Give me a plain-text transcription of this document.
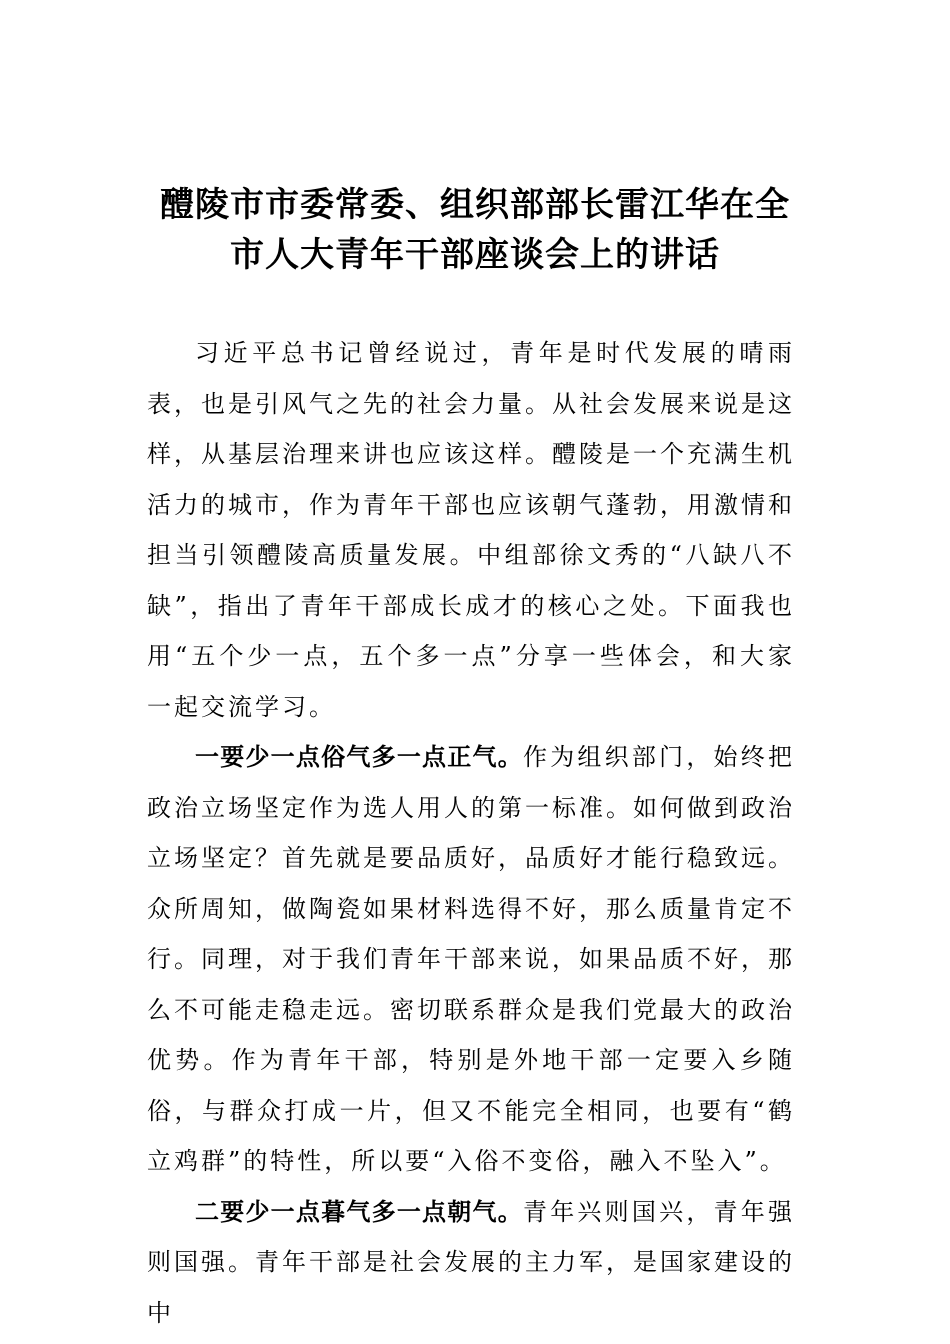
醴陵市市委常委、组织部部长雷江华在全
市人大青年干部座谈会上的讲话

习近平总书记曾经说过，青年是时代发展的晴雨表，也是引风气之先的社会力量。从社会发展来说是这样，从基层治理来讲也应该这样。醴陵是一个充满生机活力的城市，作为青年干部也应该朝气蓬勃，用激情和担当引领醴陵高质量发展。中组部徐文秀的“八缺八不缺”，指出了青年干部成长成才的核心之处。下面我也用“五个少一点，五个多一点”分享一些体会，和大家一起交流学习。

一要少一点俗气多一点正气。作为组织部门，始终把政治立场坚定作为选人用人的第一标准。如何做到政治立场坚定？首先就是要品质好，品质好才能行稳致远。众所周知，做陶瓷如果材料选得不好，那么质量肯定不行。同理，对于我们青年干部来说，如果品质不好，那么不可能走稳走远。密切联系群众是我们党最大的政治优势。作为青年干部，特别是外地干部一定要入乡随俗，与群众打成一片，但又不能完全相同，也要有“鹤立鸡群”的特性，所以要“入俗不变俗，融入不坠入”。

二要少一点暮气多一点朝气。青年兴则国兴，青年强则国强。青年干部是社会发展的主力军，是国家建设的中
